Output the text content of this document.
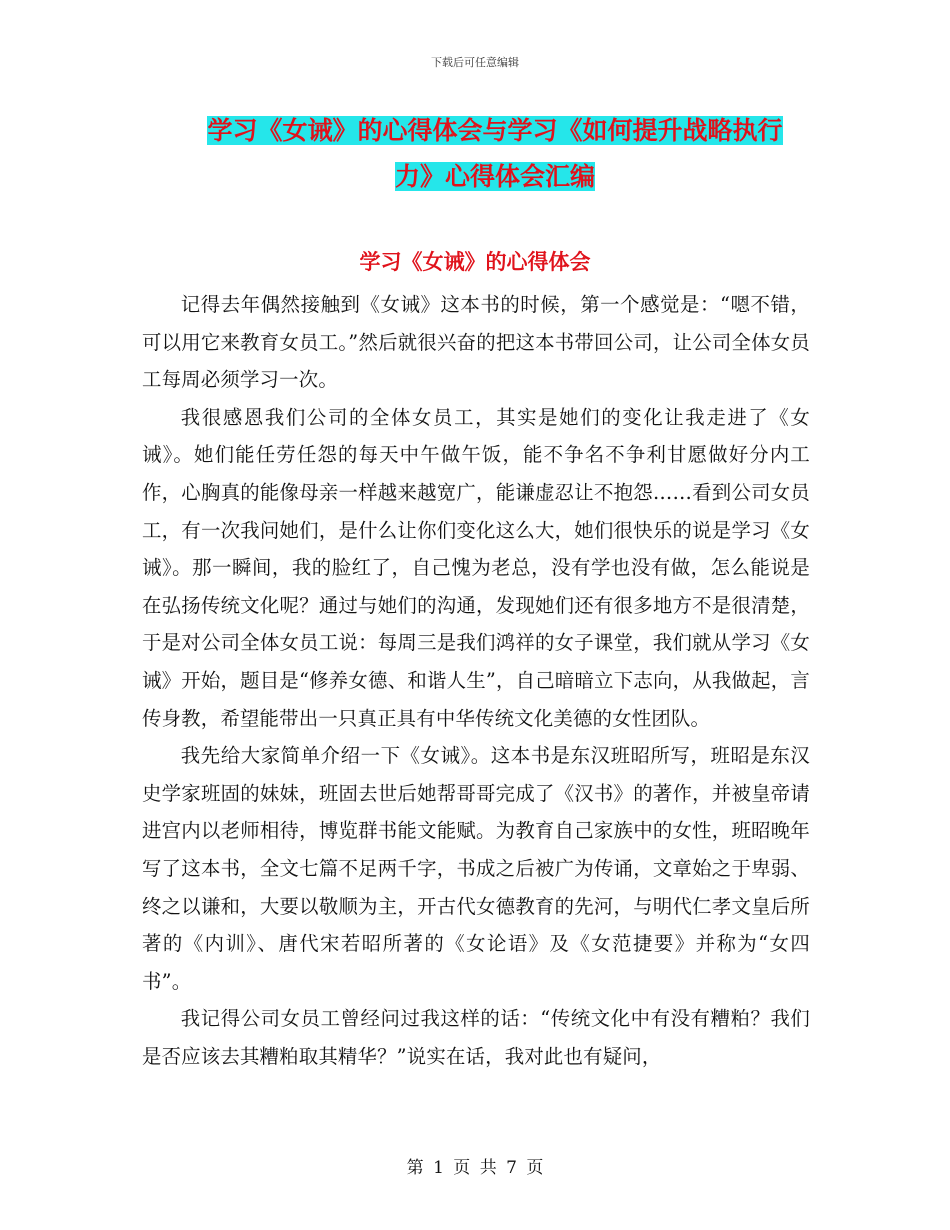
下载后可任意编辑
学习《女诫》的心得体会与学习《如何提升战略执行
力》心得体会汇编
学习《女诫》的心得体会

记得去年偶然接触到《女诫》这本书的时候，第一个感觉是：“嗯不错，可以用它来教育女员工。”然后就很兴奋的把这本书带回公司，让公司全体女员工每周必须学习一次。

我很感恩我们公司的全体女员工，其实是她们的变化让我走进了《女诫》。她们能任劳任怨的每天中午做午饭，能不争名不争利甘愿做好分内工作，心胸真的能像母亲一样越来越宽广，能谦虚忍让不抱怨……看到公司女员工，有一次我问她们，是什么让你们变化这么大，她们很快乐的说是学习《女诫》。那一瞬间，我的脸红了，自己愧为老总，没有学也没有做，怎么能说是在弘扬传统文化呢？通过与她们的沟通，发现她们还有很多地方不是很清楚，于是对公司全体女员工说：每周三是我们鸿祥的女子课堂，我们就从学习《女诫》开始，题目是“修养女德、和谐人生”，自己暗暗立下志向，从我做起，言传身教，希望能带出一只真正具有中华传统文化美德的女性团队。

我先给大家简单介绍一下《女诫》。这本书是东汉班昭所写，班昭是东汉史学家班固的妹妹，班固去世后她帮哥哥完成了《汉书》的著作，并被皇帝请进宫内以老师相待，博览群书能文能赋。为教育自己家族中的女性，班昭晚年写了这本书，全文七篇不足两千字，书成之后被广为传诵，文章始之于卑弱、终之以谦和，大要以敬顺为主，开古代女德教育的先河，与明代仁孝文皇后所著的《内训》、唐代宋若昭所著的《女论语》及《女范捷要》并称为“女四书”。

我记得公司女员工曾经问过我这样的话：“传统文化中有没有糟粕？我们是否应该去其糟粕取其精华？”说实在话，我对此也有疑问，

第 1 页 共 7 页
